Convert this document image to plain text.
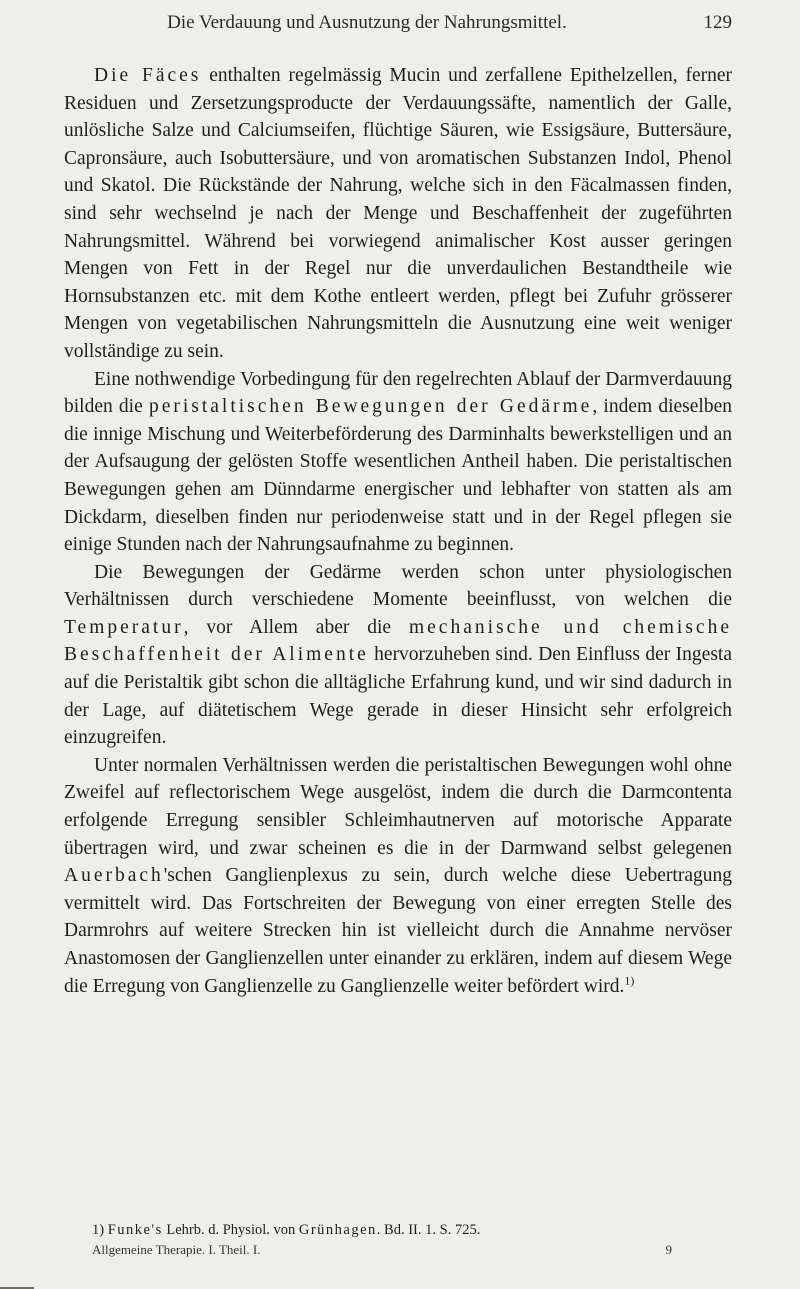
Die Verdauung und Ausnutzung der Nahrungsmittel.	129

Die Fäces enthalten regelmässig Mucin und zerfallene Epithelzellen, ferner Residuen und Zersetzungsproducte der Verdauungssäfte, namentlich der Galle, unlösliche Salze und Calciumseifen, flüchtige Säuren, wie Essigsäure, Buttersäure, Capronsäure, auch Isobuttersäure, und von aromatischen Substanzen Indol, Phenol und Skatol. Die Rückstände der Nahrung, welche sich in den Fäcalmassen finden, sind sehr wechselnd je nach der Menge und Beschaffenheit der zugeführten Nahrungsmittel. Während bei vorwiegend animalischer Kost ausser geringen Mengen von Fett in der Regel nur die unverdaulichen Bestandtheile wie Hornsubstanzen etc. mit dem Kothe entleert werden, pflegt bei Zufuhr grösserer Mengen von vegetabilischen Nahrungsmitteln die Ausnutzung eine weit weniger vollständige zu sein.

Eine nothwendige Vorbedingung für den regelrechten Ablauf der Darmverdauung bilden die peristaltischen Bewegungen der Gedärme, indem dieselben die innige Mischung und Weiterbeförderung des Darminhalts bewerkstelligen und an der Aufsaugung der gelösten Stoffe wesentlichen Antheil haben. Die peristaltischen Bewegungen gehen am Dünndarme energischer und lebhafter von statten als am Dickdarm, dieselben finden nur periodenweise statt und in der Regel pflegen sie einige Stunden nach der Nahrungsaufnahme zu beginnen.

Die Bewegungen der Gedärme werden schon unter physiologischen Verhältnissen durch verschiedene Momente beeinflusst, von welchen die Temperatur, vor Allem aber die mechanische und chemische Beschaffenheit der Alimente hervorzuheben sind. Den Einfluss der Ingesta auf die Peristaltik gibt schon die alltägliche Erfahrung kund, und wir sind dadurch in der Lage, auf diätetischem Wege gerade in dieser Hinsicht sehr erfolgreich einzugreifen.

Unter normalen Verhältnissen werden die peristaltischen Bewegungen wohl ohne Zweifel auf reflectorischem Wege ausgelöst, indem die durch die Darmcontenta erfolgende Erregung sensibler Schleimhautnerven auf motorische Apparate übertragen wird, und zwar scheinen es die in der Darmwand selbst gelegenen Auerbach'schen Ganglienplexus zu sein, durch welche diese Uebertragung vermittelt wird. Das Fortschreiten der Bewegung von einer erregten Stelle des Darmrohrs auf weitere Strecken hin ist vielleicht durch die Annahme nervöser Anastomosen der Ganglienzellen unter einander zu erklären, indem auf diesem Wege die Erregung von Ganglienzelle zu Ganglienzelle weiter befördert wird.$^{1)}$

1) Funke's Lehrb. d. Physiol. von Grünhagen. Bd. II. 1. S. 725.
Allgemeine Therapie. I. Theil. I.	9
